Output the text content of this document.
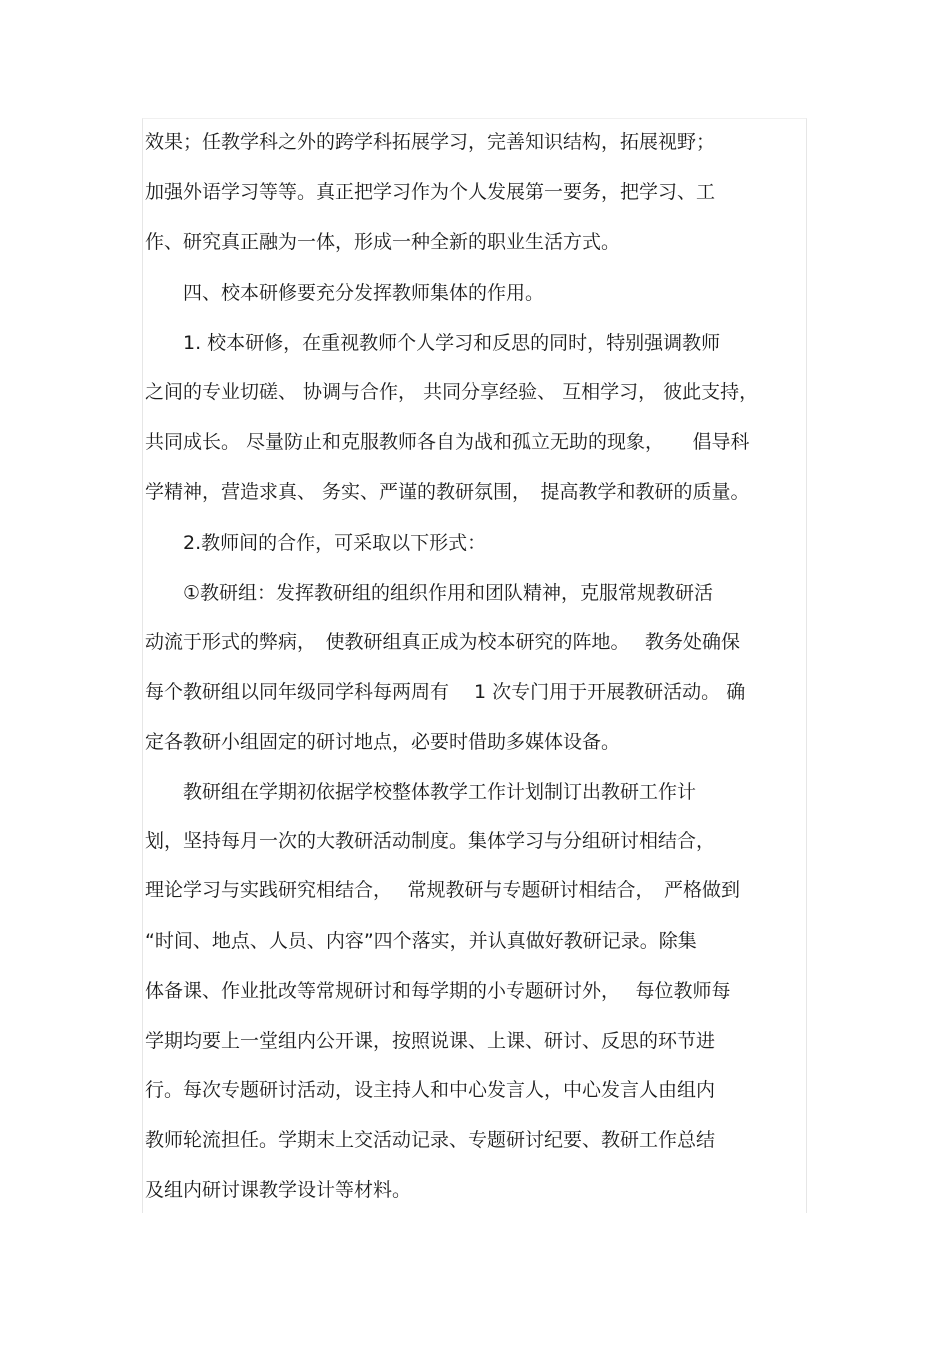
效果；任教学科之外的跨学科拓展学习，完善知识结构，拓展视野；
加强外语学习等等。真正把学习作为个人发展第一要务，把学习、工
作、研究真正融为一体，形成一种全新的职业生活方式。
　　四、校本研修要充分发挥教师集体的作用。
　　1. 校本研修，在重视教师个人学习和反思的同时，特别强调教师
之间的专业切磋、 协调与合作， 共同分享经验、 互相学习， 彼此支持，
共同成长。 尽量防止和克服教师各自为战和孤立无助的现象，　　倡导科
学精神，营造求真、 务实、严谨的教研氛围，　提高教学和教研的质量。
　　2.教师间的合作，可采取以下形式：
　　①教研组：发挥教研组的组织作用和团队精神，克服常规教研活
动流于形式的弊病，　使教研组真正成为校本研究的阵地。　 教务处确保
每个教研组以同年级同学科每两周有　 1 次专门用于开展教研活动。 确
定各教研小组固定的研讨地点，必要时借助多媒体设备。
　　教研组在学期初依据学校整体教学工作计划制订出教研工作计
划，坚持每月一次的大教研活动制度。集体学习与分组研讨相结合，
理论学习与实践研究相结合，　 常规教研与专题研讨相结合，　严格做到
“时间、地点、人员、内容”四个落实，并认真做好教研记录。除集
体备课、作业批改等常规研讨和每学期的小专题研讨外，　 每位教师每
学期均要上一堂组内公开课，按照说课、上课、研讨、反思的环节进
行。每次专题研讨活动，设主持人和中心发言人，中心发言人由组内
教师轮流担任。学期末上交活动记录、专题研讨纪要、教研工作总结
及组内研讨课教学设计等材料。
